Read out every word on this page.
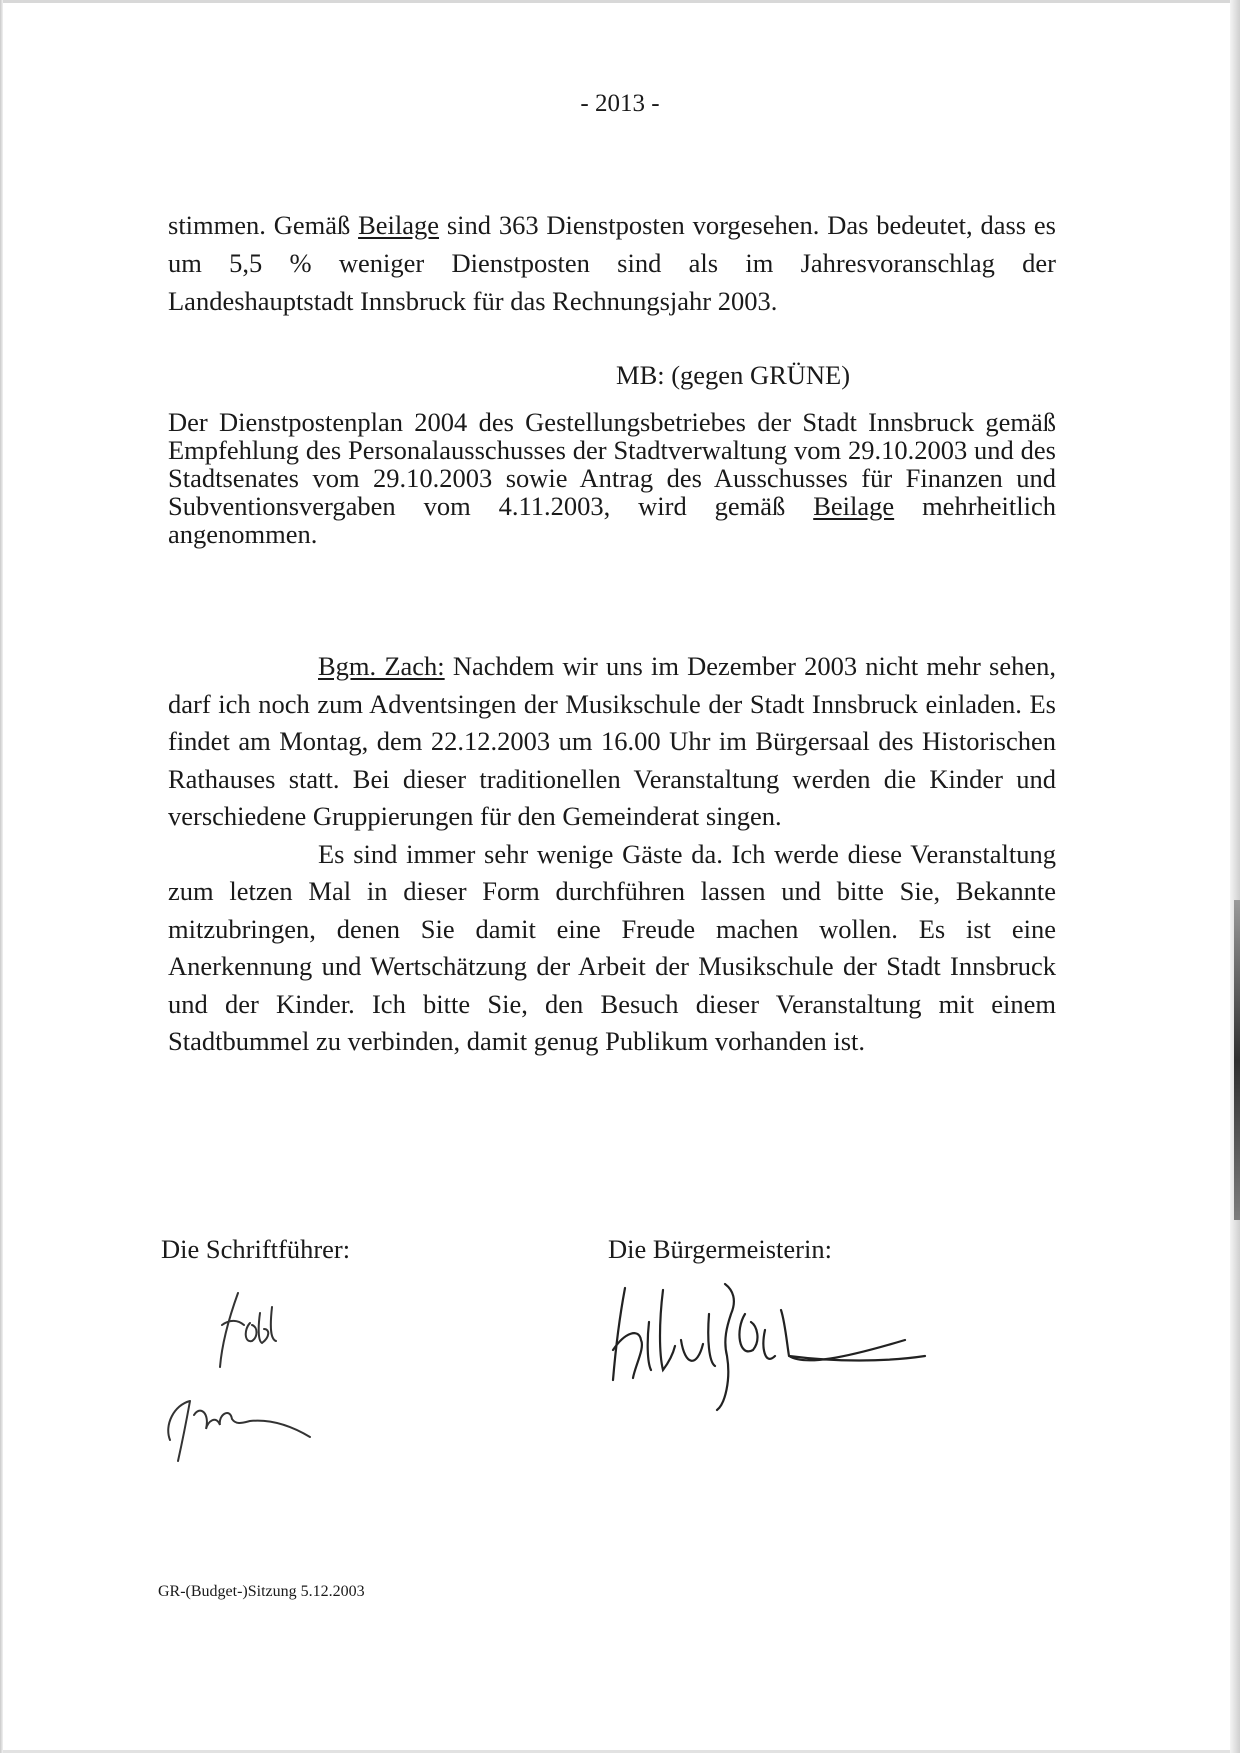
- 2013 -
stimmen. Gemäß Beilage sind 363 Dienstposten vorgesehen. Das bedeutet, dass es um 5,5 % weniger Dienstposten sind als im Jahresvoranschlag der Landeshauptstadt Innsbruck für das Rechnungsjahr 2003.
MB: (gegen GRÜNE)
Der Dienstpostenplan 2004 des Gestellungsbetriebes der Stadt Innsbruck gemäß Empfehlung des Personalausschusses der Stadtverwaltung vom 29.10.2003 und des Stadtsenates vom 29.10.2003 sowie Antrag des Ausschusses für Finanzen und Subventionsvergaben vom 4.11.2003, wird gemäß Beilage mehrheitlich angenommen.
Bgm. Zach: Nachdem wir uns im Dezember 2003 nicht mehr sehen, darf ich noch zum Adventsingen der Musikschule der Stadt Innsbruck einladen. Es findet am Montag, dem 22.12.2003 um 16.00 Uhr im Bürgersaal des Historischen Rathauses statt. Bei dieser traditionellen Veranstaltung werden die Kinder und verschiedene Gruppierungen für den Gemeinderat singen.
Es sind immer sehr wenige Gäste da. Ich werde diese Veranstaltung zum letzen Mal in dieser Form durchführen lassen und bitte Sie, Bekannte mitzubringen, denen Sie damit eine Freude machen wollen. Es ist eine Anerkennung und Wertschätzung der Arbeit der Musikschule der Stadt Innsbruck und der Kinder. Ich bitte Sie, den Besuch dieser Veranstaltung mit einem Stadtbummel zu verbinden, damit genug Publikum vorhanden ist.
Die Schriftführer:	Die Bürgermeisterin:
GR-(Budget-)Sitzung 5.12.2003
